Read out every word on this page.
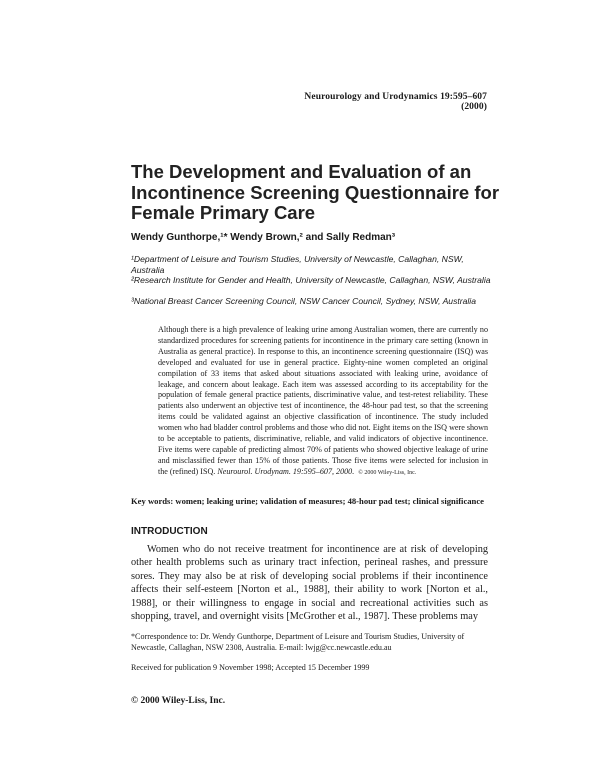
Neurourology and Urodynamics 19:595–607 (2000)
The Development and Evaluation of an Incontinence Screening Questionnaire for Female Primary Care
Wendy Gunthorpe,¹* Wendy Brown,² and Sally Redman³
¹Department of Leisure and Tourism Studies, University of Newcastle, Callaghan, NSW, Australia
²Research Institute for Gender and Health, University of Newcastle, Callaghan, NSW, Australia
³National Breast Cancer Screening Council, NSW Cancer Council, Sydney, NSW, Australia
Although there is a high prevalence of leaking urine among Australian women, there are currently no standardized procedures for screening patients for incontinence in the primary care setting (known in Australia as general practice). In response to this, an incontinence screening questionnaire (ISQ) was developed and evaluated for use in general practice. Eighty-nine women completed an original compilation of 33 items that asked about situations associated with leaking urine, avoidance of leakage, and concern about leakage. Each item was assessed according to its acceptability for the population of female general practice patients, discriminative value, and test-retest reliability. These patients also underwent an objective test of incontinence, the 48-hour pad test, so that the screening items could be validated against an objective classification of incontinence. The study included women who had bladder control problems and those who did not. Eight items on the ISQ were shown to be acceptable to patients, discriminative, reliable, and valid indicators of objective incontinence. Five items were capable of predicting almost 70% of patients who showed objective leakage of urine and misclassified fewer than 15% of those patients. Those five items were selected for inclusion in the (refined) ISQ. Neurourol. Urodynam. 19:595–607, 2000. © 2000 Wiley-Liss, Inc.
Key words: women; leaking urine; validation of measures; 48-hour pad test; clinical significance
INTRODUCTION
Women who do not receive treatment for incontinence are at risk of developing other health problems such as urinary tract infection, perineal rashes, and pressure sores. They may also be at risk of developing social problems if their incontinence affects their self-esteem [Norton et al., 1988], their ability to work [Norton et al., 1988], or their willingness to engage in social and recreational activities such as shopping, travel, and overnight visits [McGrother et al., 1987]. These problems may
*Correspondence to: Dr. Wendy Gunthorpe, Department of Leisure and Tourism Studies, University of Newcastle, Callaghan, NSW 2308, Australia. E-mail: lwjg@cc.newcastle.edu.au
Received for publication 9 November 1998; Accepted 15 December 1999
© 2000 Wiley-Liss, Inc.
